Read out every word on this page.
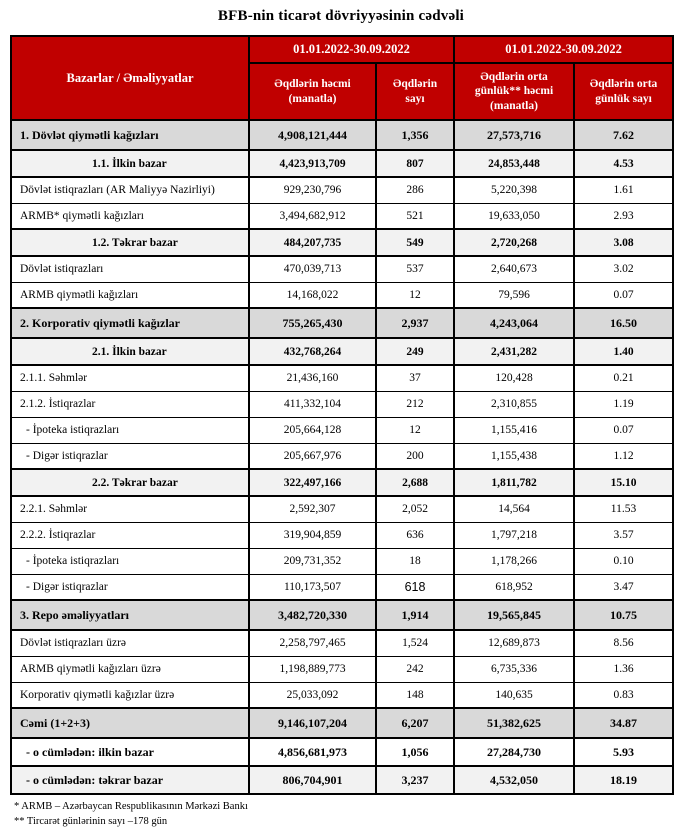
BFB-nin ticarət dövriyyəsinin cədvəli
Bazarlar / Əməliyyatlar	01.01.2022-30.09.2022		01.01.2022-30.09.2022	
	Əqdlərin həcmi (manatla)	Əqdlərin sayı	Əqdlərin orta günlük** həcmi (manatla)	Əqdlərin orta günlük sayı
1. Dövlət qiymətli kağızları	4,908,121,444	1,356	27,573,716	7.62
1.1. İlkin bazar	4,423,913,709	807	24,853,448	4.53
Dövlət istiqrazları (AR Maliyyə Nazirliyi)	929,230,796	286	5,220,398	1.61
ARMB* qiymətli kağızları	3,494,682,912	521	19,633,050	2.93
1.2. Təkrar bazar	484,207,735	549	2,720,268	3.08
Dövlət istiqrazları	470,039,713	537	2,640,673	3.02
ARMB qiymətli kağızları	14,168,022	12	79,596	0.07
2. Korporativ qiymətli kağızlar	755,265,430	2,937	4,243,064	16.50
2.1. İlkin bazar	432,768,264	249	2,431,282	1.40
2.1.1. Səhmlər	21,436,160	37	120,428	0.21
2.1.2. İstiqrazlar	411,332,104	212	2,310,855	1.19
- İpoteka istiqrazları	205,664,128	12	1,155,416	0.07
- Digər istiqrazlar	205,667,976	200	1,155,438	1.12
2.2. Təkrar bazar	322,497,166	2,688	1,811,782	15.10
2.2.1. Səhmlər	2,592,307	2,052	14,564	11.53
2.2.2. İstiqrazlar	319,904,859	636	1,797,218	3.57
- İpoteka istiqrazları	209,731,352	18	1,178,266	0.10
- Digər istiqrazlar	110,173,507	618	618,952	3.47
3. Repo əməliyyatları	3,482,720,330	1,914	19,565,845	10.75
Dövlət istiqrazları üzrə	2,258,797,465	1,524	12,689,873	8.56
ARMB qiymətli kağızları üzrə	1,198,889,773	242	6,735,336	1.36
Korporativ qiymətli kağızlar üzrə	25,033,092	148	140,635	0.83
Cəmi (1+2+3)	9,146,107,204	6,207	51,382,625	34.87
- o cümlədən: ilkin bazar	4,856,681,973	1,056	27,284,730	5.93
- o cümlədən: təkrar bazar	806,704,901	3,237	4,532,050	18.19
* ARMB – Azərbaycan Respublikasının Mərkəzi Bankı
** Tircarət günlərinin sayı –178 gün
